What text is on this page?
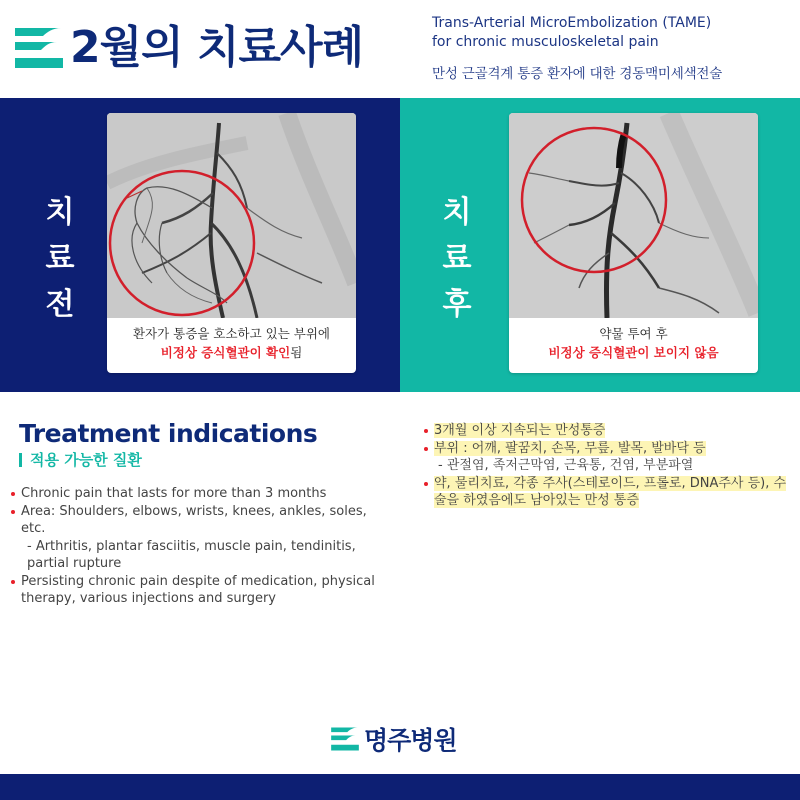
2월의 치료사례	Trans-Arterial MicroEmbolization (TAME)
for chronic musculoskeletal pain
만성 근골격계 통증 환자에 대한 경동맥미세색전술
치
료
전
환자가 통증을 호소하고 있는 부위에
비정상 증식혈관이 확인됨
치
료
후
약물 투여 후
비정상 증식혈관이 보이지 않음
Treatment indications
적용 가능한 질환
Chronic pain that lasts for more than 3 months
Area: Shoulders, elbows, wrists, knees, ankles, soles, etc.
- Arthritis, plantar fasciitis, muscle pain, tendinitis, partial rupture
Persisting chronic pain despite of medication, physical therapy, various injections and surgery
3개월 이상 지속되는 만성통증
부위 : 어깨, 팔꿈치, 손목, 무릎, 발목, 발바닥 등
- 관절염, 족저근막염, 근육통, 건염, 부분파열
약, 물리치료, 각종 주사(스테로이드, 프롤로, DNA주사 등), 수술을 하였음에도 남아있는 만성 통증
명주병원
